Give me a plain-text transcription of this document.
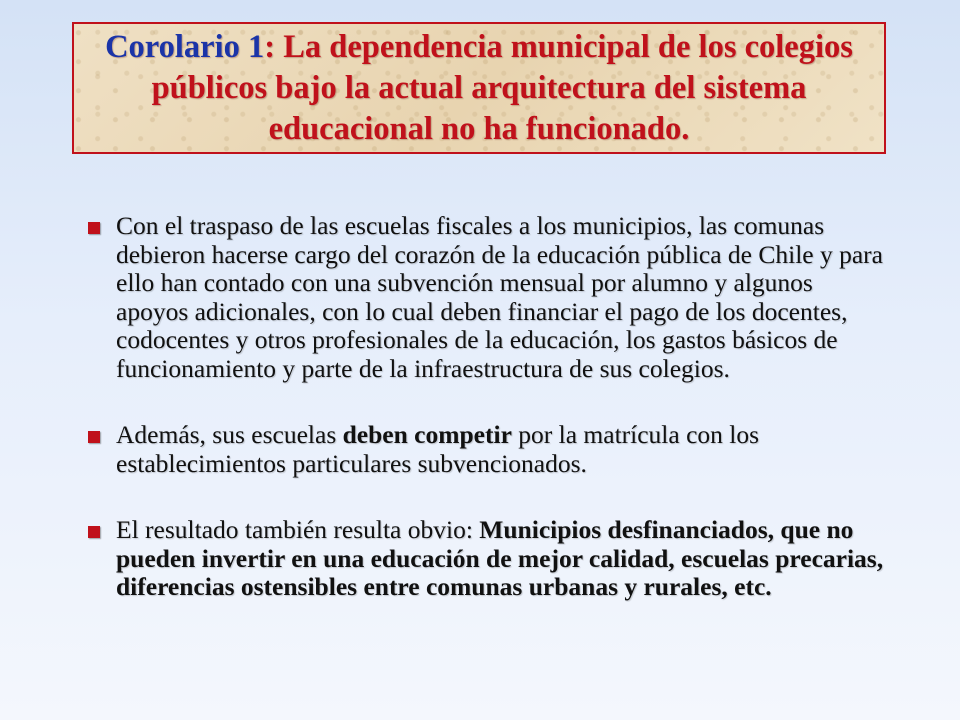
Corolario 1: La dependencia municipal de los colegios públicos bajo la actual arquitectura del sistema educacional no ha funcionado.

Con el traspaso de las escuelas fiscales a los municipios, las comunas debieron hacerse cargo del corazón de la educación pública de Chile y para ello han contado con una subvención mensual por alumno y algunos apoyos adicionales, con lo cual deben financiar el pago de los docentes, codocentes y otros profesionales de la educación, los gastos básicos de funcionamiento y parte de la infraestructura de sus colegios.
Además, sus escuelas deben competir por la matrícula con los establecimientos particulares subvencionados.
El resultado también resulta obvio: Municipios desfinanciados, que no pueden invertir en una educación de mejor calidad, escuelas precarias, diferencias ostensibles entre comunas urbanas y rurales, etc.
